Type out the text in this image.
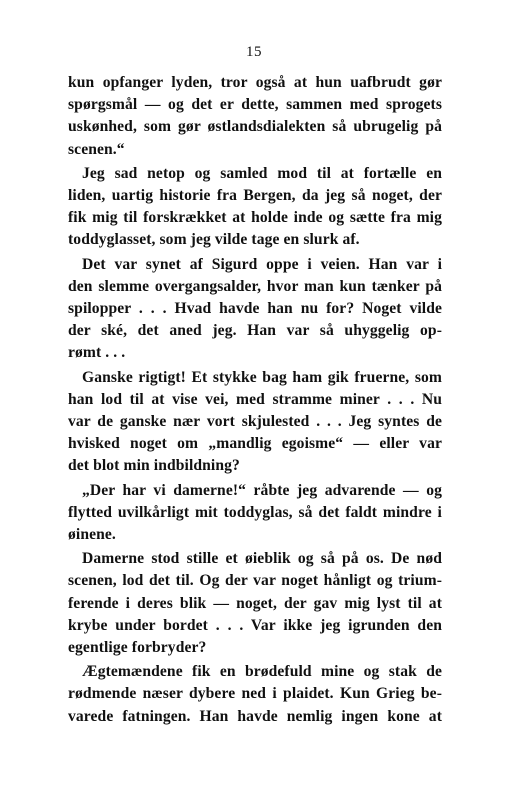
15

kun opfanger lyden, tror også at hun uafbrudt gør
spørgsmål — og det er dette, sammen med sprogets
uskønhed, som gør østlandsdialekten så ubrugelig på
scenen.“

Jeg sad netop og samled mod til at fortælle en
liden, uartig historie fra Bergen, da jeg så noget, der
fik mig til forskrækket at holde inde og sætte fra mig
toddyglasset, som jeg vilde tage en slurk af.

Det var synet af Sigurd oppe i veien. Han var i
den slemme overgangsalder, hvor man kun tænker på
spilopper . . . Hvad havde han nu for? Noget vilde
der ské, det aned jeg. Han var så uhyggelig op-
rømt . . .

Ganske rigtigt! Et stykke bag ham gik fruerne, som
han lod til at vise vei, med stramme miner . . . Nu
var de ganske nær vort skjulested . . . Jeg syntes de
hvisked noget om „mandlig egoisme“ — eller var
det blot min indbildning?

„Der har vi damerne!“ råbte jeg advarende — og
flytted uvilkårligt mit toddyglas, så det faldt mindre i
øinene.

Damerne stod stille et øieblik og så på os. De nød
scenen, lod det til. Og der var noget hånligt og trium-
ferende i deres blik — noget, der gav mig lyst til at
krybe under bordet . . . Var ikke jeg igrunden den
egentlige forbryder?

Ægtemændene fik en brødefuld mine og stak de
rødmende næser dybere ned i plaidet. Kun Grieg be-
varede fatningen. Han havde nemlig ingen kone at
